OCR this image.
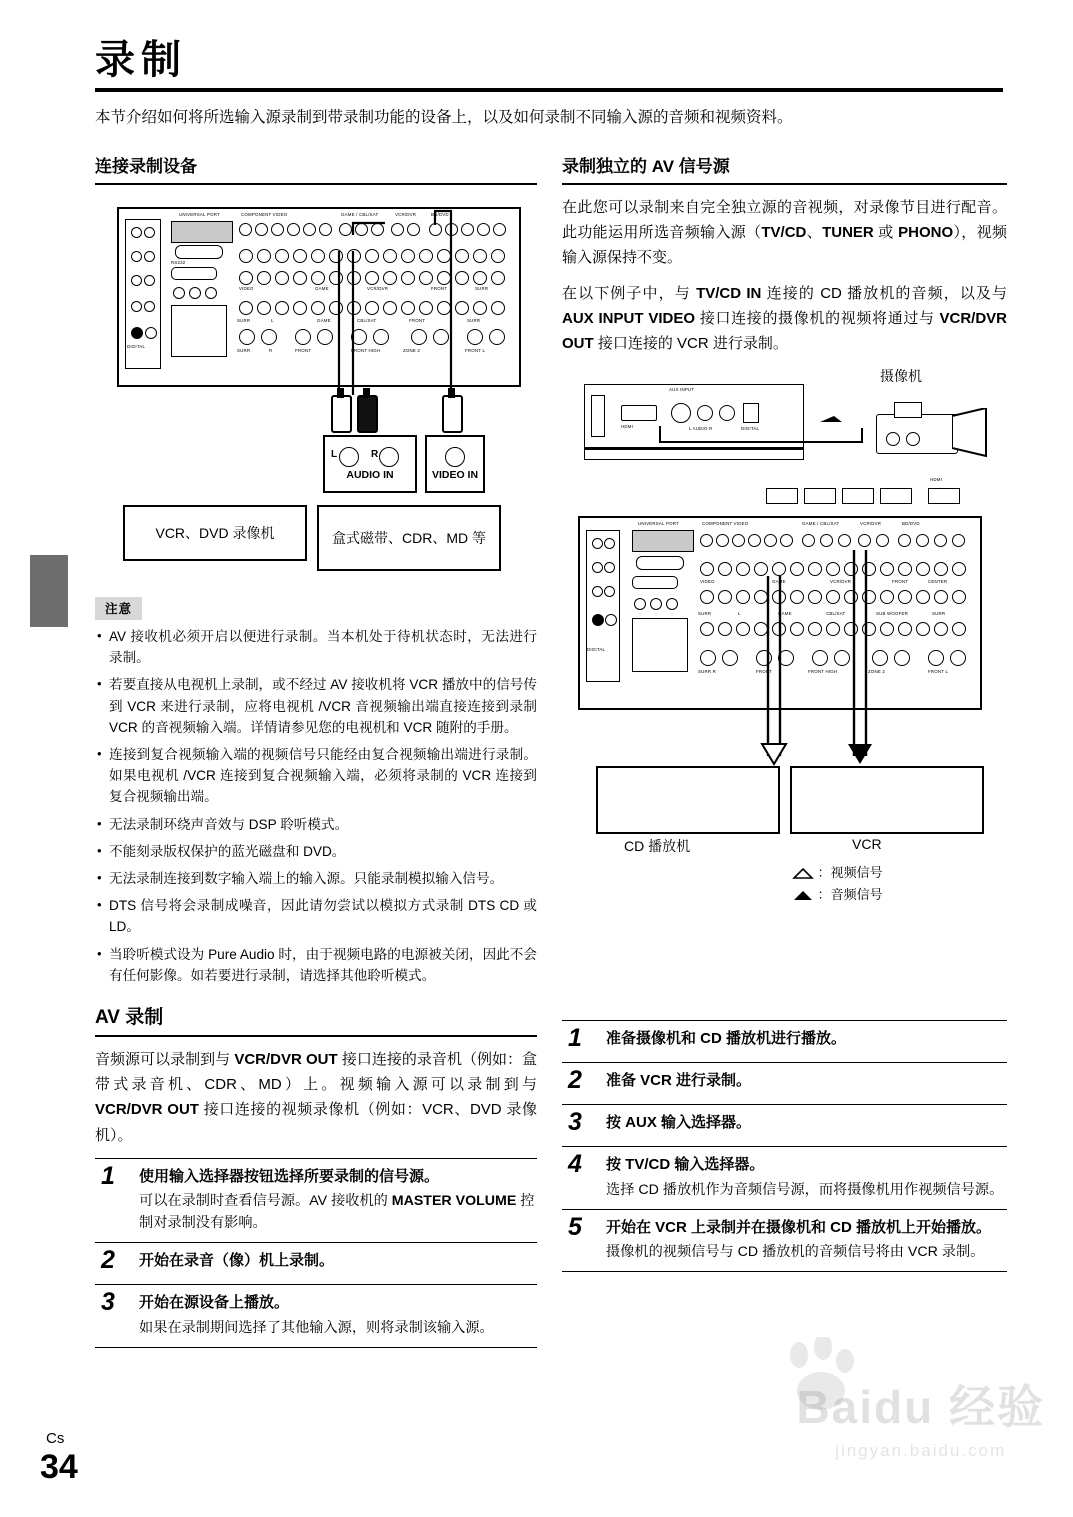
录制
本节介绍如何将所选输入源录制到带录制功能的设备上，以及如何录制不同输入源的音频和视频资料。
连接录制设备
DIGITAL
UNIVERSAL PORT
RS232
COMPONENT VIDEO	GAME / CBL/SAT	VCR/DVR	BD/DVD
VIDEO	GAME	VCR/DVR	FRONT	SURR
SURR	L	GAME	CBL/SAT	FRONT	SURR
SURR	R	FRONT	FRONT HIGH	ZONE 2	FRONT L
L	R
AUDIO IN	VIDEO IN
VCR、DVD 录像机	盒式磁带、CDR、MD 等
注意
• AV 接收机必须开启以便进行录制。当本机处于待机状态时，无法进行录制。
• 若要直接从电视机上录制，或不经过 AV 接收机将 VCR 播放中的信号传到 VCR 来进行录制，应将电视机 /VCR 音视频输出端直接连接到录制 VCR 的音视频输入端。详情请参见您的电视机和 VCR 随附的手册。
• 连接到复合视频输入端的视频信号只能经由复合视频输出端进行录制。如果电视机 /VCR 连接到复合视频输入端，必须将录制的 VCR 连接到复合视频输出端。
• 无法录制环绕声音效与 DSP 聆听模式。
• 不能刻录版权保护的蓝光磁盘和 DVD。
• 无法录制连接到数字输入端上的输入源。只能录制模拟输入信号。
• DTS 信号将会录制成噪音，因此请勿尝试以模拟方式录制 DTS CD 或 LD。
• 当聆听模式设为 Pure Audio 时，由于视频电路的电源被关闭，因此不会有任何影像。如若要进行录制，请选择其他聆听模式。
AV 录制

音频源可以录制到与 VCR/DVR OUT 接口连接的录音机（例如：盒带式录音机、CDR、MD）上。视频输入源可以录制到与 VCR/DVR OUT 接口连接的视频录像机（例如：VCR、DVD 录像机）。

1 使用输入选择器按钮选择所要录制的信号源。
可以在录制时查看信号源。AV 接收机的 MASTER VOLUME 控制对录制没有影响。
2 开始在录音（像）机上录制。
3 开始在源设备上播放。
如果在录制期间选择了其他输入源，则将录制该输入源。
录制独立的 AV 信号源

在此您可以录制来自完全独立源的音视频，对录像节目进行配音。此功能运用所选音频输入源（TV/CD、TUNER 或 PHONO），视频输入源保持不变。

在以下例子中，与 TV/CD IN 连接的 CD 播放机的音频，以及与 AUX INPUT VIDEO 接口连接的摄像机的视频将通过与 VCR/DVR OUT 接口连接的 VCR 进行录制。

AUX INPUT
HDMI	L AUDIO R	DIGITAL
摄像机
DIGITAL
UNIVERSAL PORT	COMPONENT VIDEO	GAME / CBL/SAT	VCR/DVR	BD/DVD
VIDEO	GAME	VCR/DVR	FRONT	CENTER
SURR	L	GAME	CBL/SAT	SUB WOOFER	SURR
SURR R	FRONT	FRONT HIGH	ZONE 2	FRONT L
HDMI
CD 播放机	VCR
：视频信号
：音频信号
1 准备摄像机和 CD 播放机进行播放。
2 准备 VCR 进行录制。
3 按 AUX 输入选择器。
4 按 TV/CD 输入选择器。
选择 CD 播放机作为音频信号源，而将摄像机用作视频信号源。
5 开始在 VCR 上录制并在摄像机和 CD 播放机上开始播放。
摄像机的视频信号与 CD 播放机的音频信号将由 VCR 录制。
Cs
34
Baidu 经验
jingyan.baidu.com
